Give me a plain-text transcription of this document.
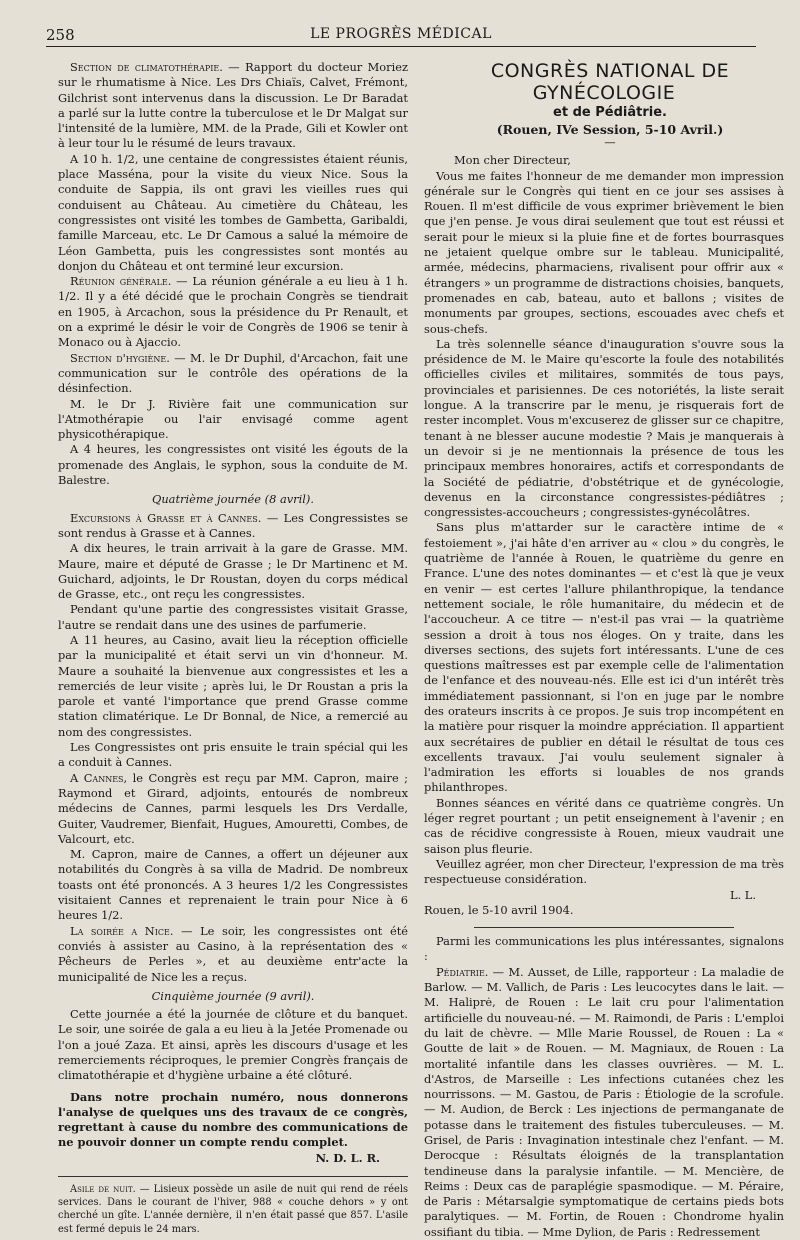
258	LE PROGRÈS MÉDICAL

Section de climatothérapie. — Rapport du docteur Moriez sur le rhumatisme à Nice. Les Drs Chiaïs, Calvet, Frémont, Gilchrist sont intervenus dans la discussion. Le Dr Baradat a parlé sur la lutte contre la tuberculose et le Dr Malgat sur l'intensité de la lumière, MM. de la Prade, Gili et Kowler ont à leur tour lu le résumé de leurs travaux.

A 10 h. 1/2, une centaine de congressistes étaient réunis, place Masséna, pour la visite du vieux Nice. Sous la conduite de Sappia, ils ont gravi les vieilles rues qui conduisent au Château. Au cimetière du Château, les congressistes ont visité les tombes de Gambetta, Garibaldi, famille Marceau, etc. Le Dr Camous a salué la mémoire de Léon Gambetta, puis les congressistes sont montés au donjon du Château et ont terminé leur excursion.

Réunion générale. — La réunion générale a eu lieu à 1 h. 1/2. Il y a été décidé que le prochain Congrès se tiendrait en 1905, à Arcachon, sous la présidence du Pr Renault, et on a exprimé le désir le voir de Congrès de 1906 se tenir à Monaco ou à Ajaccio.

Section d'hygiène. — M. le Dr Duphil, d'Arcachon, fait une communication sur le contrôle des opérations de la désinfection.

M. le Dr J. Rivière fait une communication sur l'Atmothérapie ou l'air envisagé comme agent physicothérapique.

A 4 heures, les congressistes ont visité les égouts de la promenade des Anglais, le syphon, sous la conduite de M. Balestre.

Quatrième journée (8 avril).

Excursions à Grasse et à Cannes. — Les Congressistes se sont rendus à Grasse et à Cannes.

A dix heures, le train arrivait à la gare de Grasse. MM. Maure, maire et député de Grasse ; le Dr Martinenc et M. Guichard, adjoints, le Dr Roustan, doyen du corps médical de Grasse, etc., ont reçu les congressistes.

Pendant qu'une partie des congressistes visitait Grasse, l'autre se rendait dans une des usines de parfumerie.

A 11 heures, au Casino, avait lieu la réception officielle par la municipalité et était servi un vin d'honneur. M. Maure a souhaité la bienvenue aux congressistes et les a remerciés de leur visite ; après lui, le Dr Roustan a pris la parole et vanté l'importance que prend Grasse comme station climatérique. Le Dr Bonnal, de Nice, a remercié au nom des congressistes.

Les Congressistes ont pris ensuite le train spécial qui les a conduit à Cannes.

A Cannes, le Congrès est reçu par MM. Capron, maire ; Raymond et Girard, adjoints, entourés de nombreux médecins de Cannes, parmi lesquels les Drs Verdalle, Guiter, Vaudremer, Bienfait, Hugues, Amouretti, Combes, de Valcourt, etc.

M. Capron, maire de Cannes, a offert un déjeuner aux notabilités du Congrès à sa villa de Madrid. De nombreux toasts ont été prononcés. A 3 heures 1/2 les Congressistes visitaient Cannes et reprenaient le train pour Nice à 6 heures 1/2.

La soirée a Nice. — Le soir, les congressistes ont été conviés à assister au Casino, à la représentation des « Pêcheurs de Perles », et au deuxième entr'acte la municipalité de Nice les a reçus.

Cinquième journée (9 avril).

Cette journée a été la journée de clôture et du banquet. Le soir, une soirée de gala a eu lieu à la Jetée Promenade ou l'on a joué Zaza. Et ainsi, après les discours d'usage et les remerciements réciproques, le premier Congrès français de climatothérapie et d'hygiène urbaine a été clôturé.

Dans notre prochain numéro, nous donnerons l'analyse de quelques uns des travaux de ce congrès, regrettant à cause du nombre des communications de ne pouvoir donner un compte rendu complet.

N. D. L. R.

Asile de nuit. — Lisieux possède un asile de nuit qui rend de réels services. Dans le courant de l'hiver, 988 « couche dehors » y ont cherché un gîte. L'année dernière, il n'en était passé que 857. L'asile est fermé depuis le 24 mars.

CONGRÈS NATIONAL DE GYNÉCOLOGIE

et de Pédiâtrie.

(Rouen, IVe Session, 5-10 Avril.)

—

Mon cher Directeur,

Vous me faites l'honneur de me demander mon impression générale sur le Congrès qui tient en ce jour ses assises à Rouen. Il m'est difficile de vous exprimer brièvement le bien que j'en pense. Je vous dirai seulement que tout est réussi et serait pour le mieux si la pluie fine et de fortes bourrasques ne jetaient quelque ombre sur le tableau. Municipalité, armée, médecins, pharmaciens, rivalisent pour offrir aux « étrangers » un programme de distractions choisies, banquets, promenades en cab, bateau, auto et ballons ; visites de monuments par groupes, sections, escouades avec chefs et sous-chefs.

La très solennelle séance d'inauguration s'ouvre sous la présidence de M. le Maire qu'escorte la foule des notabilités officielles civiles et militaires, sommités de tous pays, provinciales et parisiennes. De ces notoriétés, la liste serait longue. A la transcrire par le menu, je risquerais fort de rester incomplet. Vous m'excuserez de glisser sur ce chapitre, tenant à ne blesser aucune modestie ? Mais je manquerais à un devoir si je ne mentionnais la présence de tous les principaux membres honoraires, actifs et correspondants de la Société de pédiatrie, d'obstétrique et de gynécologie, devenus en la circonstance congressistes-pédiâtres ; congressistes-accoucheurs ; congressistes-gynécolâtres.

Sans plus m'attarder sur le caractère intime de « festoiement », j'ai hâte d'en arriver au « clou » du congrès, le quatrième de l'année à Rouen, le quatrième du genre en France. L'une des notes dominantes — et c'est là que je veux en venir — est certes l'allure philanthropique, la tendance nettement sociale, le rôle humanitaire, du médecin et de l'accoucheur. A ce titre — n'est-il pas vrai — la quatrième session a droit à tous nos éloges. On y traite, dans les diverses sections, des sujets fort intéressants. L'une de ces questions maîtresses est par exemple celle de l'alimentation de l'enfance et des nouveau-nés. Elle est ici d'un intérêt très immédiatement passionnant, si l'on en juge par le nombre des orateurs inscrits à ce propos. Je suis trop incompétent en la matière pour risquer la moindre appréciation. Il appartient aux secrétaires de publier en détail le résultat de tous ces excellents travaux. J'ai voulu seulement signaler à l'admiration les efforts si louables de nos grands philanthropes.

Bonnes séances en vérité dans ce quatrième congrès. Un léger regret pourtant ; un petit enseignement à l'avenir ; en cas de récidive congressiste à Rouen, mieux vaudrait une saison plus fleurie.

Veuillez agréer, mon cher Directeur, l'expression de ma très respectueuse considération.

L. L.

Rouen, le 5-10 avril 1904.

Parmi les communications les plus intéressantes, signalons :

Pédiatrie. — M. Ausset, de Lille, rapporteur : La maladie de Barlow. — M. Vallich, de Paris : Les leucocytes dans le lait. — M. Haliprė, de Rouen : Le lait cru pour l'alimentation artificielle du nouveau-né. — M. Raimondi, de Paris : L'emploi du lait de chèvre. — Mlle Marie Roussel, de Rouen : La « Goutte de lait » de Rouen. — M. Magniaux, de Rouen : La mortalité infantile dans les classes ouvrières. — M. L. d'Astros, de Marseille : Les infections cutanées chez les nourrissons. — M. Gastou, de Paris : Étiologie de la scrofule. — M. Audion, de Berck : Les injections de permanganate de potasse dans le traitement des fistules tuberculeuses. — M. Grisel, de Paris : Invagination intestinale chez l'enfant. — M. Derocque : Résultats éloignés de la transplantation tendineuse dans la paralysie infantile. — M. Mencière, de Reims : Deux cas de paraplégie spasmodique. — M. Péraire, de Paris : Métarsalgie symptomatique de certains pieds bots paralytiques. — M. Fortin, de Rouen : Chondrome hyalin ossifiant du tibia. — Mme Dylion, de Paris : Redressement
